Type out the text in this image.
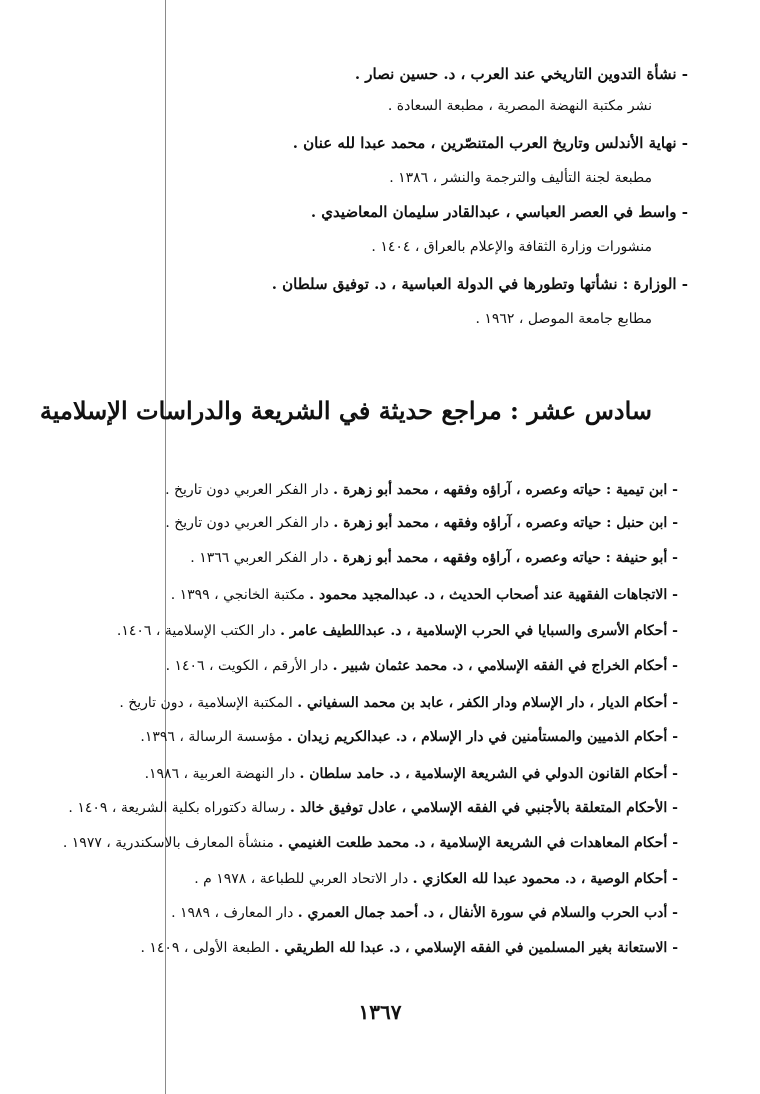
- نشأة التدوين التاريخي عند العرب ، د. حسين نصار .
نشر مكتبة النهضة المصرية ، مطبعة السعادة .
- نهاية الأندلس وتاريخ العرب المتنصّرين ، محمد عبدا لله عنان .
مطبعة لجنة التأليف والترجمة والنشر ، ١٣٨٦ .
- واسط في العصر العباسي ، عبدالقادر سليمان المعاضيدي .
منشورات وزارة الثقافة والإعلام بالعراق ، ١٤٠٤ .
- الوزارة : نشأتها وتطورها في الدولة العباسية ، د. توفيق سلطان .
مطابع جامعة الموصل ، ١٩٦٢ .
سادس عشر : مراجع حديثة في الشريعة والدراسات الإسلامية
- ابن تيمية : حياته وعصره ، آراؤه وفقهه ، محمد أبو زهرة . دار الفكر العربي دون تاريخ .
- ابن حنبل : حياته وعصره ، آراؤه وفقهه ، محمد أبو زهرة . دار الفكر العربي دون تاريخ .
- أبو حنيفة : حياته وعصره ، آراؤه وفقهه ، محمد أبو زهرة . دار الفكر العربي ١٣٦٦ .
- الاتجاهات الفقهية عند أصحاب الحديث ، د. عبدالمجيد محمود . مكتبة الخانجي ، ١٣٩٩ .
- أحكام الأسرى والسبايا في الحرب الإسلامية ، د. عبداللطيف عامر . دار الكتب الإسلامية ، ١٤٠٦.
- أحكام الخراج في الفقه الإسلامي ، د. محمد عثمان شبير . دار الأرقم ، الكويت ، ١٤٠٦ .
- أحكام الديار ، دار الإسلام ودار الكفر ، عابد بن محمد السفياني . المكتبة الإسلامية ، دون تاريخ .
- أحكام الذميين والمستأمنين في دار الإسلام ، د. عبدالكريم زيدان . مؤسسة الرسالة ، ١٣٩٦.
- أحكام القانون الدولي في الشريعة الإسلامية ، د. حامد سلطان . دار النهضة العربية ، ١٩٨٦.
- الأحكام المتعلقة بالأجنبي في الفقه الإسلامي ، عادل توفيق خالد . رسالة دكتوراه بكلية الشريعة ، ١٤٠٩ .
- أحكام المعاهدات في الشريعة الإسلامية ، د. محمد طلعت الغنيمي . منشأة المعارف بالاسكندرية ، ١٩٧٧ .
- أحكام الوصية ، د. محمود عبدا لله العكازي . دار الاتحاد العربي للطباعة ، ١٩٧٨ م .
- أدب الحرب والسلام في سورة الأنفال ، د. أحمد جمال العمري . دار المعارف ، ١٩٨٩ .
- الاستعانة بغير المسلمين في الفقه الإسلامي ، د. عبدا لله الطريقي . الطبعة الأولى ، ١٤٠٩ .
١٣٦٧
